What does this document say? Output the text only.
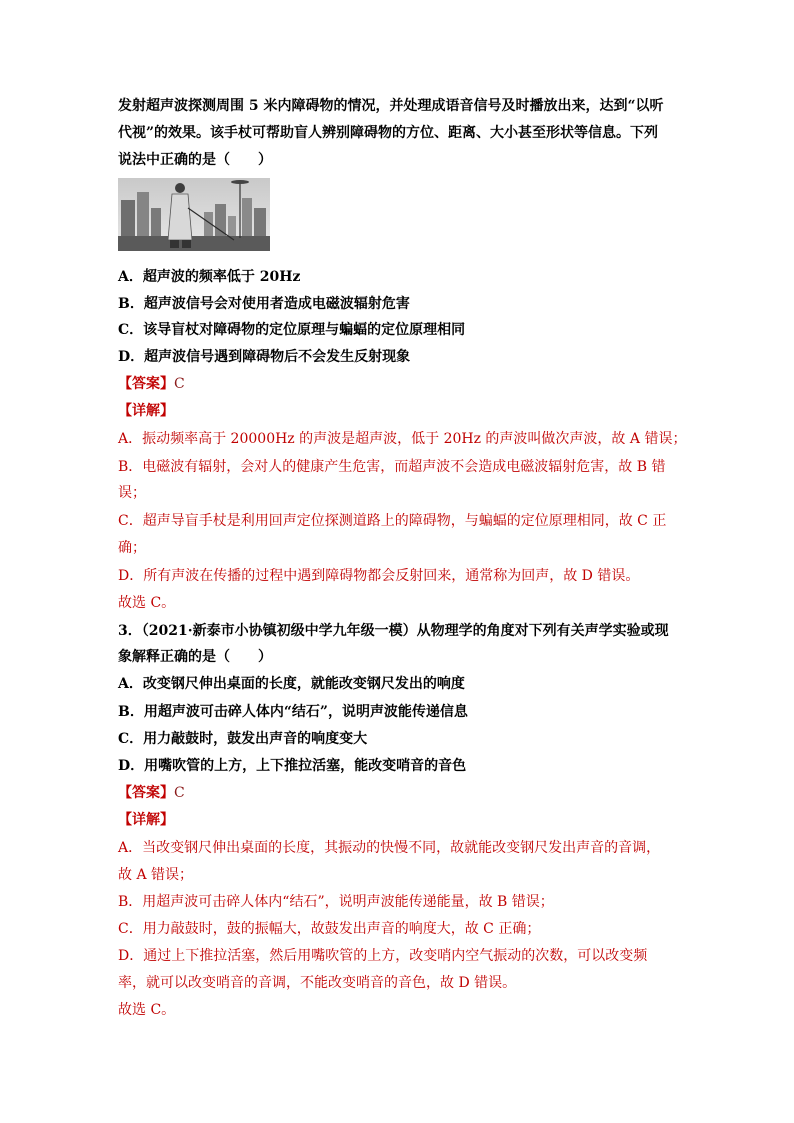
发射超声波探测周围 5 米内障碍物的情况，并处理成语音信号及时播放出来，达到“以听
代视”的效果。该手杖可帮助盲人辨别障碍物的方位、距离、大小甚至形状等信息。下列
说法中正确的是（　　）
A．超声波的频率低于 20Hz
B．超声波信号会对使用者造成电磁波辐射危害
C．该导盲杖对障碍物的定位原理与蝙蝠的定位原理相同
D．超声波信号遇到障碍物后不会发生反射现象
【答案】C
【详解】
A．振动频率高于 20000Hz 的声波是超声波，低于 20Hz 的声波叫做次声波，故 A 错误；
B．电磁波有辐射，会对人的健康产生危害，而超声波不会造成电磁波辐射危害，故 B 错
误；
C．超声导盲手杖是利用回声定位探测道路上的障碍物，与蝙蝠的定位原理相同，故 C 正
确；
D．所有声波在传播的过程中遇到障碍物都会反射回来，通常称为回声，故 D 错误。
故选 C。
3．（2021·新泰市小协镇初级中学九年级一模）从物理学的角度对下列有关声学实验或现
象解释正确的是（　　）
A．改变钢尺伸出桌面的长度，就能改变钢尺发出的响度
B．用超声波可击碎人体内“结石”，说明声波能传递信息
C．用力敲鼓时，鼓发出声音的响度变大
D．用嘴吹管的上方，上下推拉活塞，能改变哨音的音色
【答案】C
【详解】
A．当改变钢尺伸出桌面的长度，其振动的快慢不同，故就能改变钢尺发出声音的音调，
故 A 错误；
B．用超声波可击碎人体内“结石”，说明声波能传递能量，故 B 错误；
C．用力敲鼓时，鼓的振幅大，故鼓发出声音的响度大，故 C 正确；
D．通过上下推拉活塞，然后用嘴吹管的上方，改变哨内空气振动的次数，可以改变频
率，就可以改变哨音的音调，不能改变哨音的音色，故 D 错误。
故选 C。
